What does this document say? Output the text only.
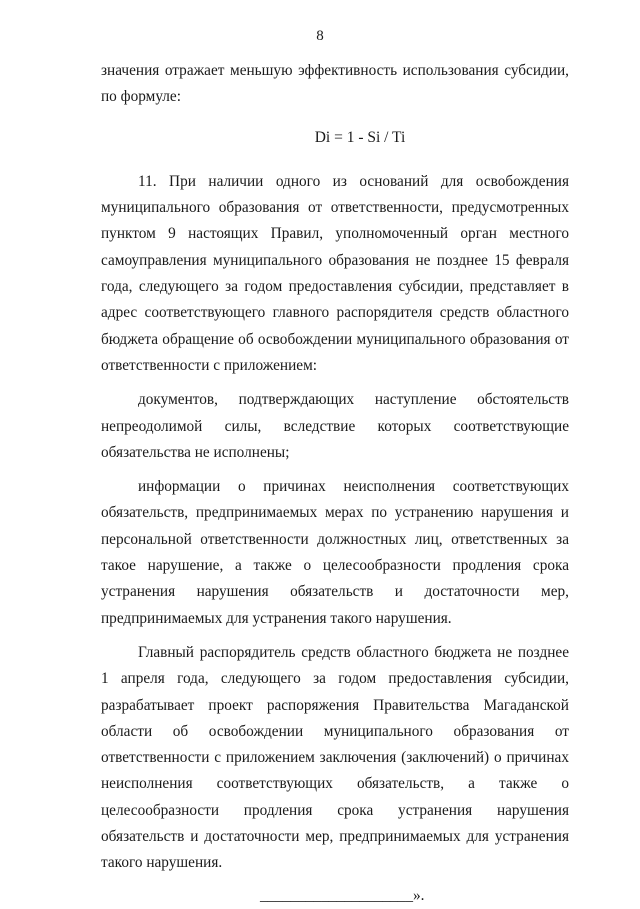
8

значения отражает меньшую эффективность использования субсидии, по формуле:

Di = 1 - Si / Ti

11. При наличии одного из оснований для освобождения муниципального образования от ответственности, предусмотренных пунктом 9 настоящих Правил, уполномоченный орган местного самоуправления муниципального образования не позднее 15 февраля года, следующего за годом предоставления субсидии, представляет в адрес соответствующего главного распорядителя средств областного бюджета обращение об освобождении муниципального образования от ответственности с приложением:

документов, подтверждающих наступление обстоятельств непреодолимой силы, вследствие которых соответствующие обязательства не исполнены;

информации о причинах неисполнения соответствующих обязательств, предпринимаемых мерах по устранению нарушения и персональной ответственности должностных лиц, ответственных за такое нарушение, а также о целесообразности продления срока устранения нарушения обязательств и достаточности мер, предпринимаемых для устранения такого нарушения.

Главный распорядитель средств областного бюджета не позднее 1 апреля года, следующего за годом предоставления субсидии, разрабатывает проект распоряжения Правительства Магаданской области об освобождении муниципального образования от ответственности с приложением заключения (заключений) о причинах неисполнения соответствующих обязательств, а также о целесообразности продления срока устранения нарушения обязательств и достаточности мер, предпринимаемых для устранения такого нарушения.

____________________».
